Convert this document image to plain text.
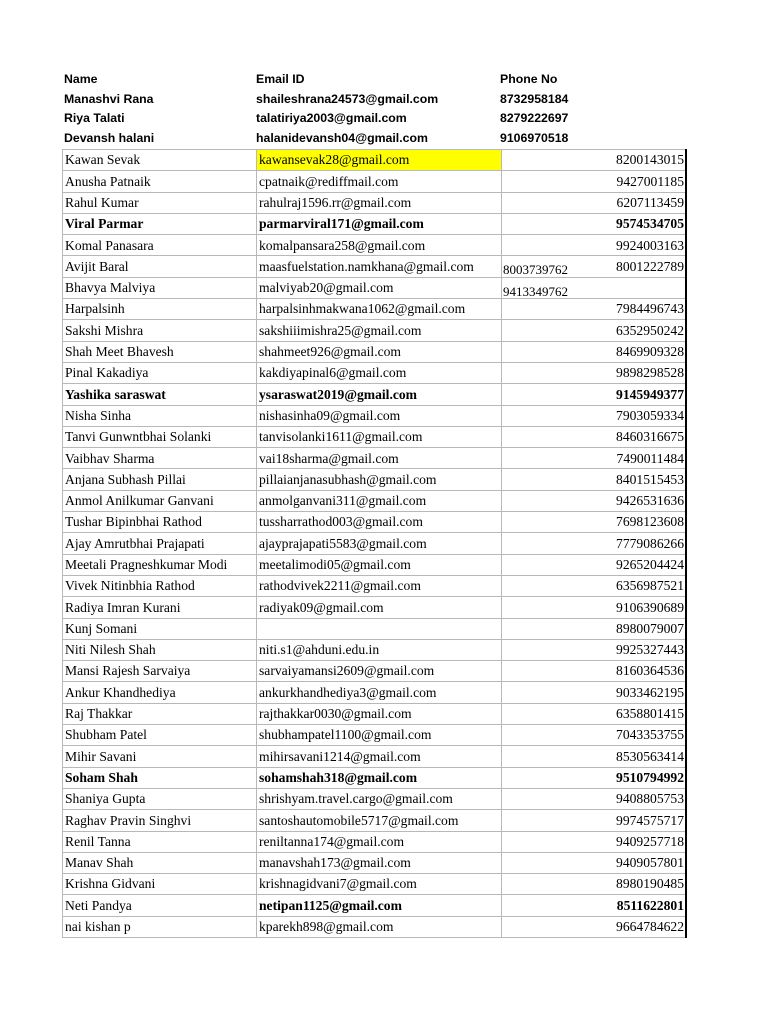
Name	Email ID	Phone No
Manashvi Rana	shaileshrana24573@gmail.com	8732958184
Riya Talati	talatiriya2003@gmail.com	8279222697
Devansh halani	halanidevansh04@gmail.com	9106970518
Kawan Sevak	kawansevak28@gmail.com	8200143015
Anusha Patnaik	cpatnaik@rediffmail.com	9427001185
Rahul Kumar	rahulraj1596.rr@gmail.com	6207113459
Viral Parmar	parmarviral171@gmail.com	9574534705
Komal Panasara	komalpansara258@gmail.com	9924003163
Avijit Baral	maasfuelstation.namkhana@gmail.com	8003739762 8001222789
Bhavya Malviya	malviyab20@gmail.com	9413349762

Harpalsinh	harpalsinhmakwana1062@gmail.com	7984496743
Sakshi Mishra	sakshiiimishra25@gmail.com	6352950242
Shah Meet Bhavesh	shahmeet926@gmail.com	8469909328
Pinal Kakadiya	kakdiyapinal6@gmail.com	9898298528
Yashika saraswat	ysaraswat2019@gmail.com	9145949377
Nisha Sinha	nishasinha09@gmail.com	7903059334
Tanvi Gunwntbhai Solanki	tanvisolanki1611@gmail.com	8460316675
Vaibhav Sharma	vai18sharma@gmail.com	7490011484
Anjana Subhash Pillai	pillaianjanasubhash@gmail.com	8401515453
Anmol Anilkumar Ganvani	anmolganvani311@gmail.com	9426531636
Tushar Bipinbhai Rathod	tussharrathod003@gmail.com	7698123608
Ajay Amrutbhai Prajapati	ajayprajapati5583@gmail.com	7779086266
Meetali Pragneshkumar Modi	meetalimodi05@gmail.com	9265204424
Vivek Nitinbhia Rathod	rathodvivek2211@gmail.com	6356987521
Radiya Imran Kurani	radiyak09@gmail.com	9106390689
Kunj Somani		8980079007
Niti Nilesh Shah	niti.s1@ahduni.edu.in	9925327443
Mansi Rajesh Sarvaiya	sarvaiyamansi2609@gmail.com	8160364536
Ankur Khandhediya	ankurkhandhediya3@gmail.com	9033462195
Raj Thakkar	rajthakkar0030@gmail.com	6358801415
Shubham Patel	shubhampatel1100@gmail.com	7043353755
Mihir Savani	mihirsavani1214@gmail.com	8530563414
Soham Shah	sohamshah318@gmail.com	9510794992
Shaniya Gupta	shrishyam.travel.cargo@gmail.com	9408805753
Raghav Pravin Singhvi	santoshautomobile5717@gmail.com	9974575717
Renil Tanna	reniltanna174@gmail.com	9409257718
Manav Shah	manavshah173@gmail.com	9409057801
Krishna Gidvani	krishnagidvani7@gmail.com	8980190485
Neti Pandya	netipan1125@gmail.com	8511622801
nai kishan p	kparekh898@gmail.com	9664784622
